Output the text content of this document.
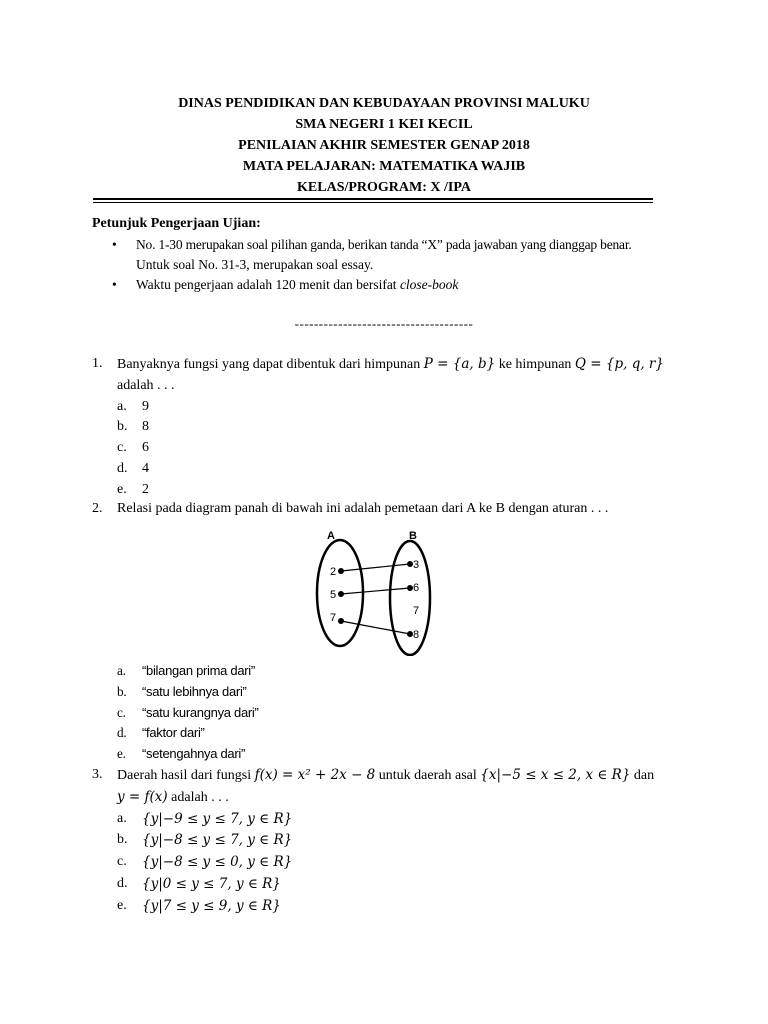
DINAS PENDIDIKAN DAN KEBUDAYAAN PROVINSI MALUKU
SMA NEGERI 1 KEI KECIL
PENILAIAN AKHIR SEMESTER GENAP 2018
MATA PELAJARAN: MATEMATIKA WAJIB
KELAS/PROGRAM: X /IPA
Petunjuk Pengerjaan Ujian:
• No. 1-30 merupakan soal pilihan ganda, berikan tanda “X” pada jawaban yang dianggap benar.
Untuk soal No. 31-3, merupakan soal essay.
• Waktu pengerjaan adalah 120 menit dan bersifat close-book
-------------------------------------
1.	Banyaknya fungsi yang dapat dibentuk dari himpunan P = {a, b} ke himpunan Q = {p, q, r}
adalah . . .
a. 9
b. 8
c. 6
d. 4
e. 2
2.	Relasi pada diagram panah di bawah ini adalah pemetaan dari A ke B dengan aturan . . .
A	B
2
5
7
3
6
7
8
a. “bilangan prima dari”
b. “satu lebihnya dari”
c. “satu kurangnya dari”
d. “faktor dari”
e. “setengahnya dari”
3.	Daerah hasil dari fungsi f(x) = x² + 2x − 8 untuk daerah asal {x|−5 ≤ x ≤ 2, x ∈ R} dan
y = f(x) adalah . . .
a. {y|−9 ≤ y ≤ 7, y ∈ R}
b. {y|−8 ≤ y ≤ 7, y ∈ R}
c. {y|−8 ≤ y ≤ 0, y ∈ R}
d. {y|0 ≤ y ≤ 7, y ∈ R}
e. {y|7 ≤ y ≤ 9, y ∈ R}
